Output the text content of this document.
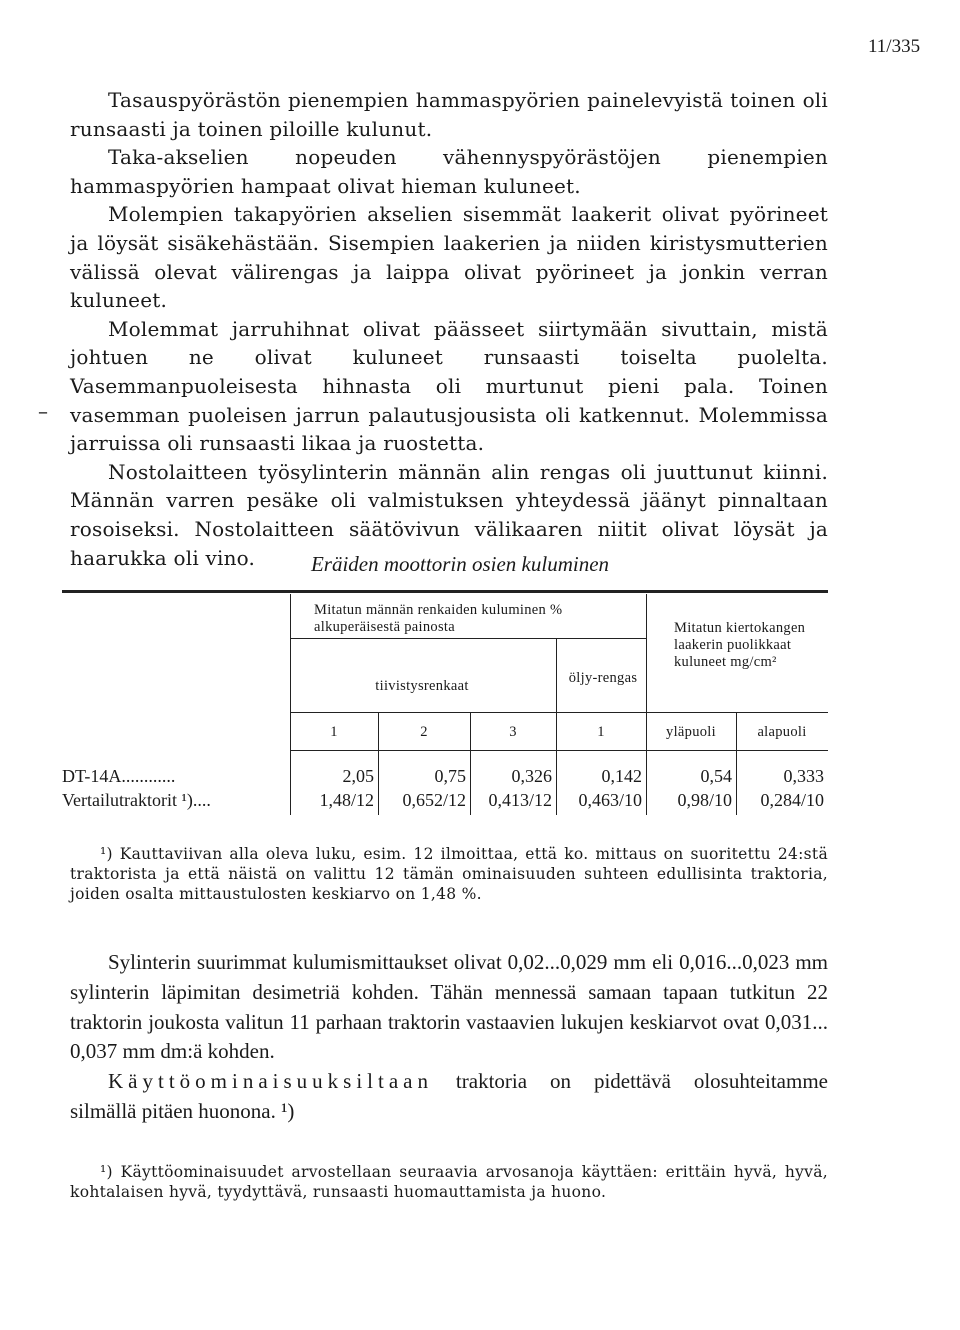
11/335

Tasauspyörästön pienempien hammaspyörien painelevyistä toinen oli runsaasti ja toinen piloille kulunut.

Taka-akselien nopeuden vähennyspyörästöjen pienempien hammaspyörien hampaat olivat hieman kuluneet.

Molempien takapyörien akselien sisemmät laakerit olivat pyörineet ja löysät sisäkehästään. Sisempien laakerien ja niiden kiristysmutterien välissä olevat välirengas ja laippa olivat pyörineet ja jonkin verran kuluneet.

Molemmat jarruhihnat olivat päässeet siirtymään sivuttain, mistä johtuen ne olivat kuluneet runsaasti toiselta puolelta. Vasemmanpuoleisesta hihnasta oli murtunut pieni pala. Toinen vasemman puoleisen jarrun palautusjousista oli katkennut. Molemmissa jarruissa oli runsaasti likaa ja ruostetta.

Nostolaitteen työsylinterin männän alin rengas oli juuttunut kiinni. Männän varren pesäke oli valmistuksen yhteydessä jäänyt pinnaltaan rosoiseksi. Nostolaitteen säätövivun välikaaren niitit olivat löysät ja haarukka oli vino.

–
Eräiden moottorin osien kuluminen
Mitatun männän renkaiden kuluminen % alkuperäisestä painosta	Mitatun kiertokangen laakerin puolikkaat kuluneet mg/cm²
tiivistysrenkaat	öljy-rengas
1	2	3	1	yläpuoli	alapuoli
DT-14A............	2,05	0,75	0,326	0,142	0,54	0,333
Vertailutraktorit ¹)....	1,48/12	0,652/12	0,413/12	0,463/10	0,98/10	0,284/10

¹) Kauttaviivan alla oleva luku, esim. 12 ilmoittaa, että ko. mittaus on suoritettu 24:stä traktorista ja että näistä on valittu 12 tämän ominaisuuden suhteen edullisinta traktoria, joiden osalta mittaustulosten keskiarvo on 1,48 %.

Sylinterin suurimmat kulumismittaukset olivat 0,02...0,029 mm eli 0,016...0,023 mm sylinterin läpimitan desimetriä kohden. Tähän mennessä samaan tapaan tutkitun 22 traktorin joukosta valitun 11 parhaan traktorin vastaavien lukujen keskiarvot ovat 0,031... 0,037 mm dm:ä kohden.

Käyttöominaisuuksiltaan traktoria on pidettävä olosuhteitamme silmällä pitäen huonona. ¹)

¹) Käyttöominaisuudet arvostellaan seuraavia arvosanoja käyttäen: erittäin hyvä, hyvä, kohtalaisen hyvä, tyydyttävä, runsaasti huomauttamista ja huono.
